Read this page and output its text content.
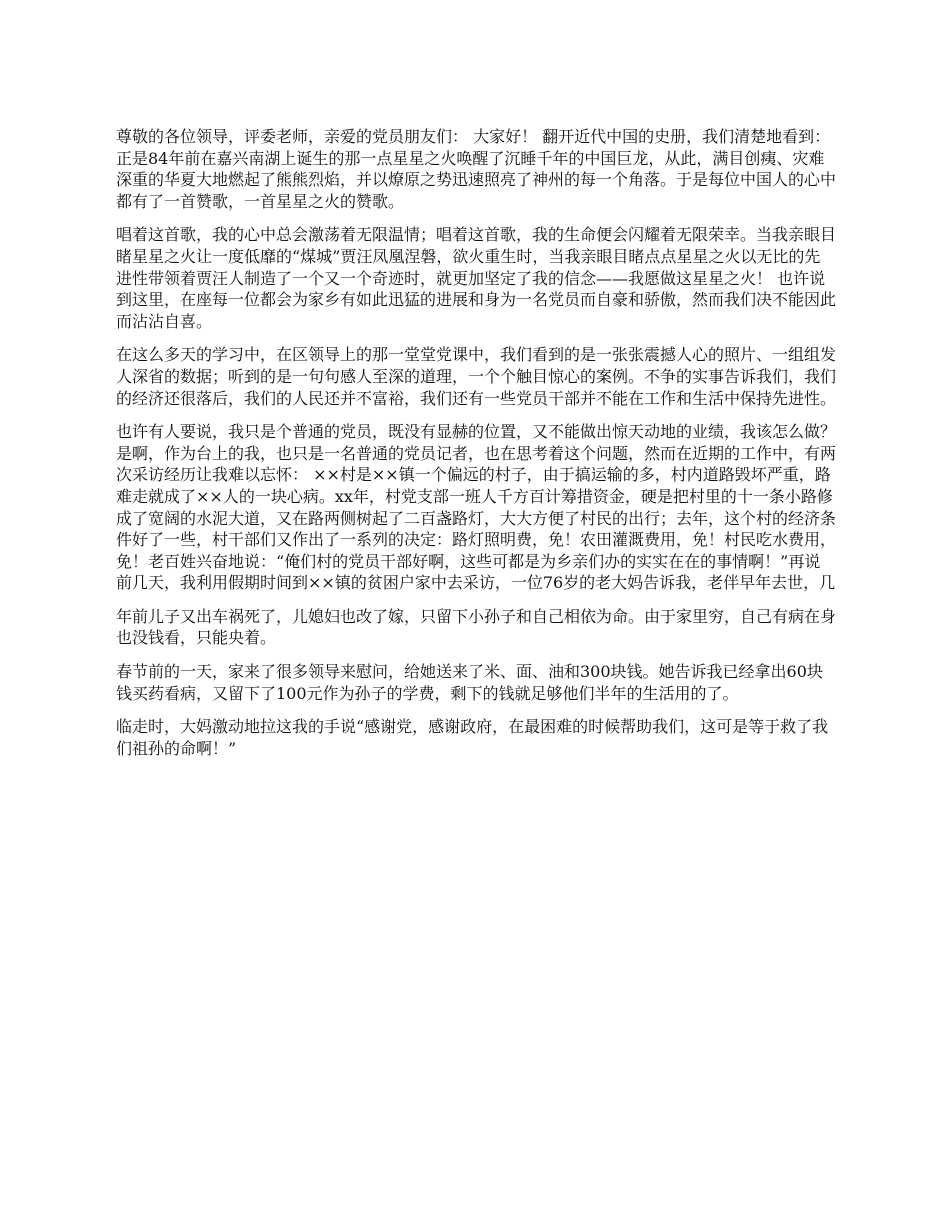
尊敬的各位领导，评委老师，亲爱的党员朋友们： 大家好！ 翻开近代中国的史册，我们清楚地看到：正是84年前在嘉兴南湖上诞生的那一点星星之火唤醒了沉睡千年的中国巨龙，从此，满目创痍、灾难深重的华夏大地燃起了熊熊烈焰，并以燎原之势迅速照亮了神州的每一个角落。于是每位中国人的心中都有了一首赞歌，一首星星之火的赞歌。

唱着这首歌，我的心中总会激荡着无限温情；唱着这首歌，我的生命便会闪耀着无限荣幸。当我亲眼目睹星星之火让一度低靡的“煤城”贾汪凤凰涅磐，欲火重生时，当我亲眼目睹点点星星之火以无比的先进性带领着贾汪人制造了一个又一个奇迹时，就更加坚定了我的信念——我愿做这星星之火！ 也许说到这里，在座每一位都会为家乡有如此迅猛的进展和身为一名党员而自豪和骄傲，然而我们决不能因此而沾沾自喜。

在这么多天的学习中，在区领导上的那一堂堂党课中，我们看到的是一张张震撼人心的照片、一组组发人深省的数据；听到的是一句句感人至深的道理，一个个触目惊心的案例。不争的实事告诉我们，我们的经济还很落后，我们的人民还并不富裕，我们还有一些党员干部并不能在工作和生活中保持先进性。

也许有人要说，我只是个普通的党员，既没有显赫的位置，又不能做出惊天动地的业绩，我该怎么做？是啊，作为台上的我，也只是一名普通的党员记者，也在思考着这个问题，然而在近期的工作中，有两次采访经历让我难以忘怀： ××村是××镇一个偏远的村子，由于搞运输的多，村内道路毁坏严重，路难走就成了××人的一块心病。xx年，村党支部一班人千方百计筹措资金，硬是把村里的十一条小路修成了宽阔的水泥大道，又在路两侧树起了二百盏路灯，大大方便了村民的出行；去年，这个村的经济条件好了一些，村干部们又作出了一系列的决定：路灯照明费，免！农田灌溉费用，免！村民吃水费用，免！老百姓兴奋地说：“俺们村的党员干部好啊，这些可都是为乡亲们办的实实在在的事情啊！”再说前几天，我利用假期时间到××镇的贫困户家中去采访，一位76岁的老大妈告诉我，老伴早年去世，几

年前儿子又出车祸死了，儿媳妇也改了嫁，只留下小孙子和自己相依为命。由于家里穷，自己有病在身也没钱看，只能央着。

春节前的一天，家来了很多领导来慰问，给她送来了米、面、油和300块钱。她告诉我已经拿出60块钱买药看病，又留下了100元作为孙子的学费，剩下的钱就足够他们半年的生活用的了。

临走时，大妈激动地拉这我的手说“感谢党，感谢政府，在最困难的时候帮助我们，这可是等于救了我们祖孙的命啊！”
